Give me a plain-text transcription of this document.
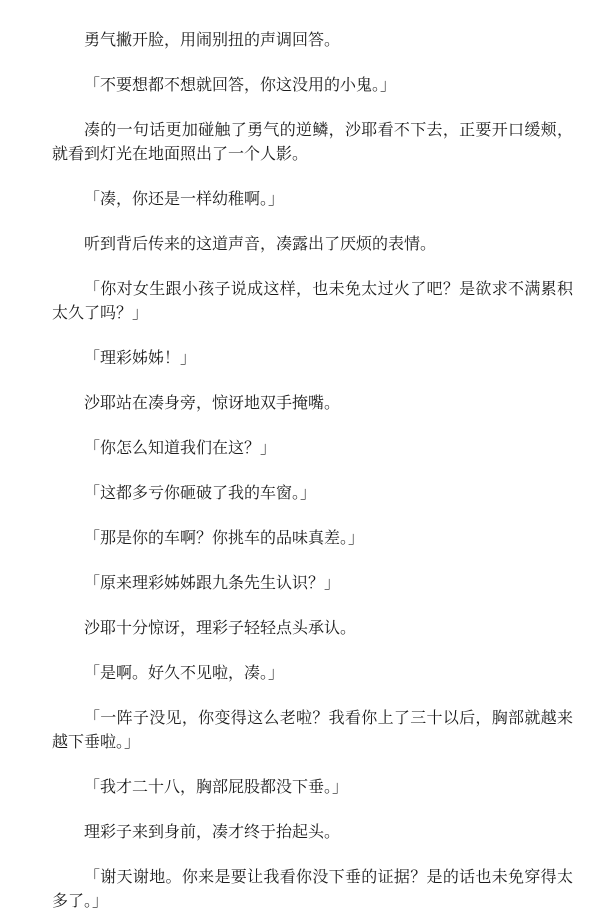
勇气撇开脸，用闹别扭的声调回答。

「不要想都不想就回答，你这没用的小鬼。」

凑的一句话更加碰触了勇气的逆鳞，沙耶看不下去，正要开口缓颊，就看到灯光在地面照出了一个人影。

「凑，你还是一样幼稚啊。」

听到背后传来的这道声音，凑露出了厌烦的表情。

「你对女生跟小孩子说成这样，也未免太过火了吧？是欲求不满累积太久了吗？」

「理彩姊姊！」

沙耶站在凑身旁，惊讶地双手掩嘴。

「你怎么知道我们在这？」

「这都多亏你砸破了我的车窗。」

「那是你的车啊？你挑车的品味真差。」

「原来理彩姊姊跟九条先生认识？」

沙耶十分惊讶，理彩子轻轻点头承认。

「是啊。好久不见啦，凑。」

「一阵子没见，你变得这么老啦？我看你上了三十以后，胸部就越来越下垂啦。」

「我才二十八，胸部屁股都没下垂。」

理彩子来到身前，凑才终于抬起头。

「谢天谢地。你来是要让我看你没下垂的证据？是的话也未免穿得太多了。」
